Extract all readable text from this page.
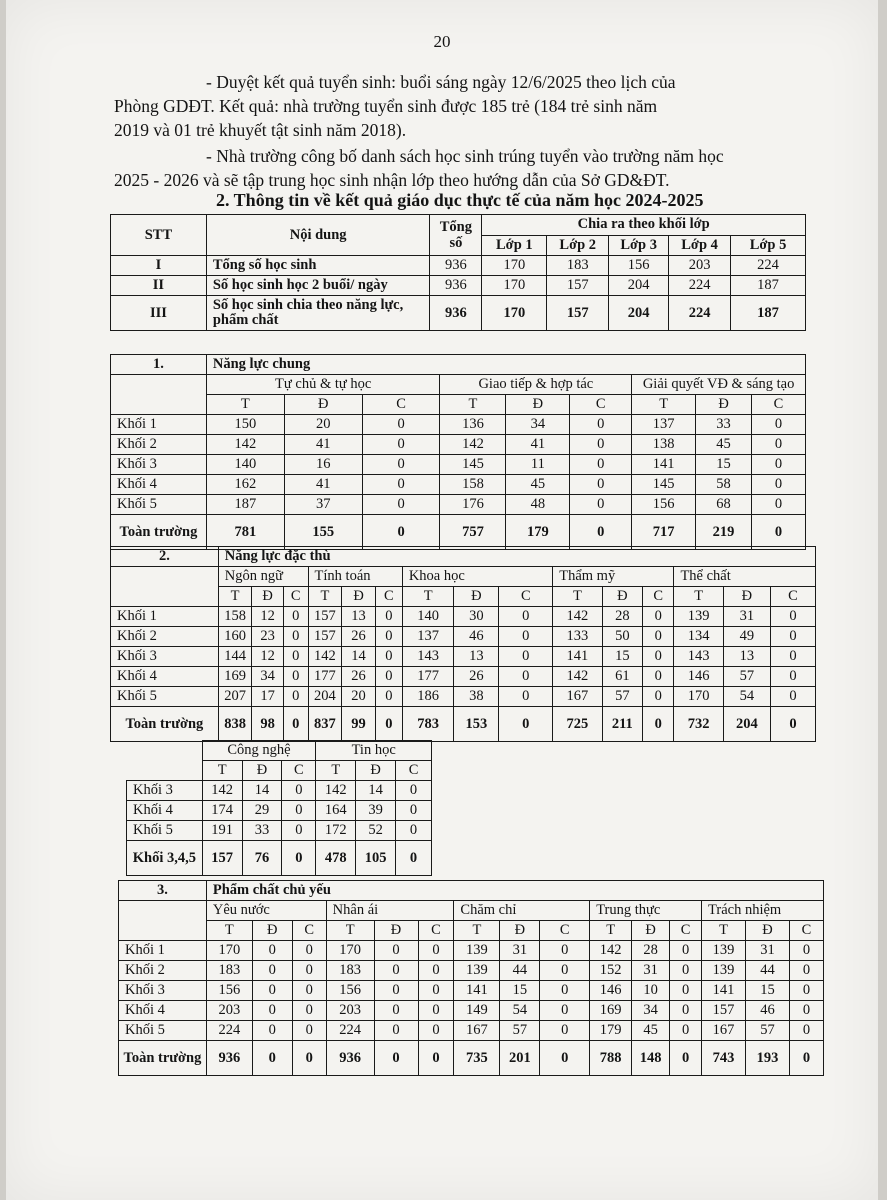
20
- Duyệt kết quả tuyển sinh: buổi sáng ngày 12/6/2025 theo lịch của
Phòng GDĐT. Kết quả: nhà trường tuyển sinh được 185 trẻ (184 trẻ sinh năm
2019 và 01 trẻ khuyết tật sinh năm 2018).
- Nhà trường công bố danh sách học sinh trúng tuyển vào trường năm học
2025 - 2026 và sẽ tập trung học sinh nhận lớp theo hướng dẫn của Sở GD&ĐT.
2. Thông tin về kết quả giáo dục thực tế của năm học 2024-2025
STT	Nội dung	Tổng số	Chia ra theo khối lớp				
			Lớp 1	Lớp 2	Lớp 3	Lớp 4	Lớp 5
I	Tổng số học sinh	936	170	183	156	203	224
II	Số học sinh học 2 buổi/ ngày	936	170	157	204	224	187
III	Số học sinh chia theo năng lực, phẩm chất	936	170	157	204	224	187
1.	Năng lực chung								
	Tự chủ & tự học			Giao tiếp & hợp tác			Giải quyết VĐ & sáng tạo		
	T	Đ	C	T	Đ	C	T	Đ	C
Khối 1	150	20	0	136	34	0	137	33	0
Khối 2	142	41	0	142	41	0	138	45	0
Khối 3	140	16	0	145	11	0	141	15	0
Khối 4	162	41	0	158	45	0	145	58	0
Khối 5	187	37	0	176	48	0	156	68	0
Toàn trường	781	155	0	757	179	0	717	219	0
2.	Năng lực đặc thù														
	Ngôn ngữ			Tính toán			Khoa học			Thẩm mỹ			Thể chất		
	T	Đ	C	T	Đ	C	T	Đ	C	T	Đ	C	T	Đ	C
Khối 1	158	12	0	157	13	0	140	30	0	142	28	0	139	31	0
Khối 2	160	23	0	157	26	0	137	46	0	133	50	0	134	49	0
Khối 3	144	12	0	142	14	0	143	13	0	141	15	0	143	13	0
Khối 4	169	34	0	177	26	0	177	26	0	142	61	0	146	57	0
Khối 5	207	17	0	204	20	0	186	38	0	167	57	0	170	54	0
Toàn trường	838	98	0	837	99	0	783	153	0	725	211	0	732	204	0
	Công nghệ			Tin học		
	T	Đ	C	T	Đ	C
Khối 3	142	14	0	142	14	0
Khối 4	174	29	0	164	39	0
Khối 5	191	33	0	172	52	0
Khối 3,4,5	157	76	0	478	105	0
3.	Phẩm chất chủ yếu														
	Yêu nước			Nhân ái			Chăm chỉ			Trung thực			Trách nhiệm		
	T	Đ	C	T	Đ	C	T	Đ	C	T	Đ	C	T	Đ	C
Khối 1	170	0	0	170	0	0	139	31	0	142	28	0	139	31	0
Khối 2	183	0	0	183	0	0	139	44	0	152	31	0	139	44	0
Khối 3	156	0	0	156	0	0	141	15	0	146	10	0	141	15	0
Khối 4	203	0	0	203	0	0	149	54	0	169	34	0	157	46	0
Khối 5	224	0	0	224	0	0	167	57	0	179	45	0	167	57	0
Toàn trường	936	0	0	936	0	0	735	201	0	788	148	0	743	193	0
